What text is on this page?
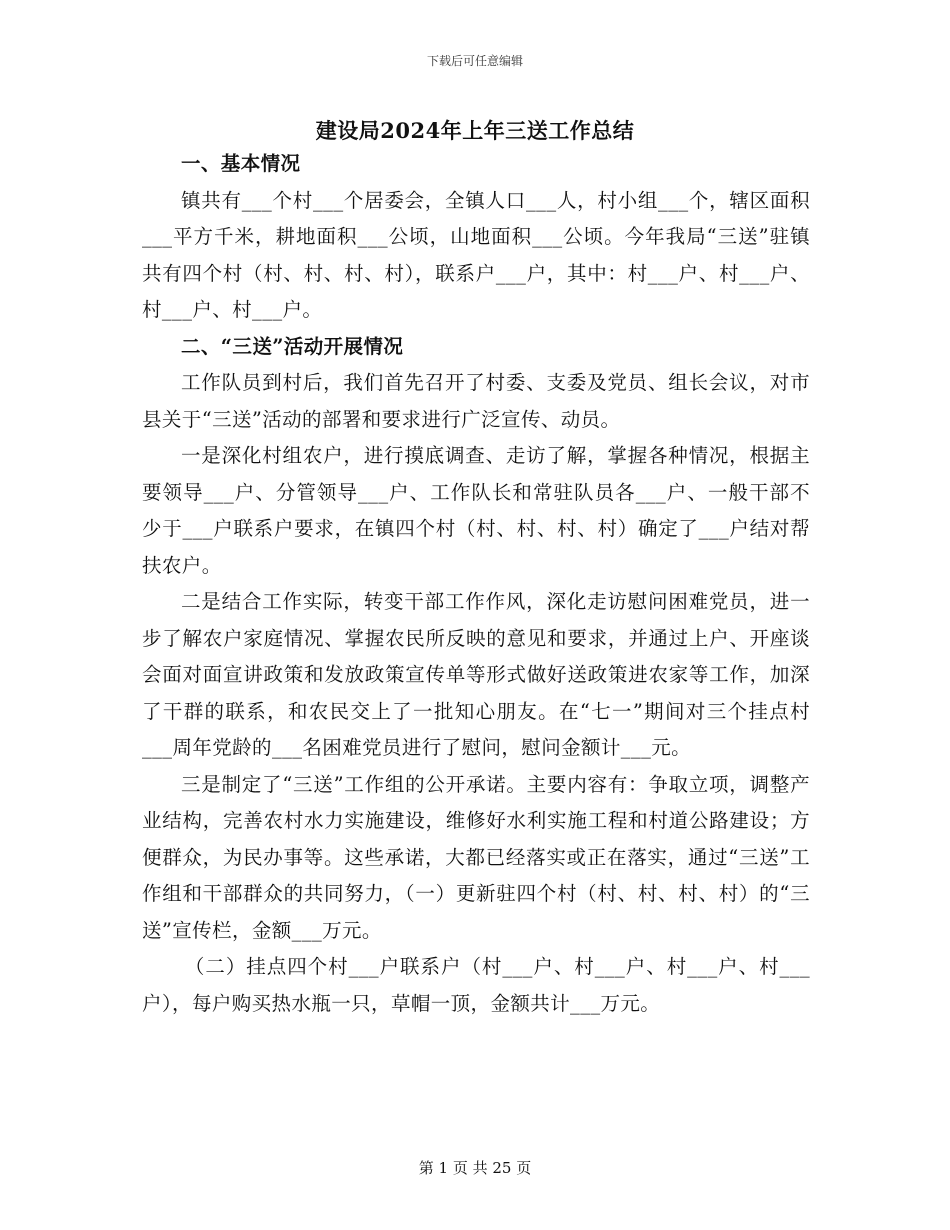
下载后可任意编辑
建设局2024年上年三送工作总结
一、基本情况

镇共有___个村___个居委会，全镇人口___人，村小组___个，辖区面积___平方千米，耕地面积___公顷，山地面积___公顷。今年我局“三送”驻镇共有四个村（村、村、村、村），联系户___户，其中：村___户、村___户、村___户、村___户。

二、“三送”活动开展情况

工作队员到村后，我们首先召开了村委、支委及党员、组长会议，对市县关于“三送”活动的部署和要求进行广泛宣传、动员。

一是深化村组农户，进行摸底调查、走访了解，掌握各种情况，根据主要领导___户、分管领导___户、工作队长和常驻队员各___户、一般干部不少于___户联系户要求，在镇四个村（村、村、村、村）确定了___户结对帮扶农户。

二是结合工作实际，转变干部工作作风，深化走访慰问困难党员，进一步了解农户家庭情况、掌握农民所反映的意见和要求，并通过上户、开座谈会面对面宣讲政策和发放政策宣传单等形式做好送政策进农家等工作，加深了干群的联系，和农民交上了一批知心朋友。在“七一”期间对三个挂点村___周年党龄的___名困难党员进行了慰问，慰问金额计___元。

三是制定了“三送”工作组的公开承诺。主要内容有：争取立项，调整产业结构，完善农村水力实施建设，维修好水利实施工程和村道公路建设；方便群众，为民办事等。这些承诺，大都已经落实或正在落实，通过“三送”工作组和干部群众的共同努力，（一）更新驻四个村（村、村、村、村）的“三送”宣传栏，金额___万元。

（二）挂点四个村___户联系户（村___户、村___户、村___户、村___户），每户购买热水瓶一只，草帽一顶，金额共计___万元。

第 1 页 共 25 页
